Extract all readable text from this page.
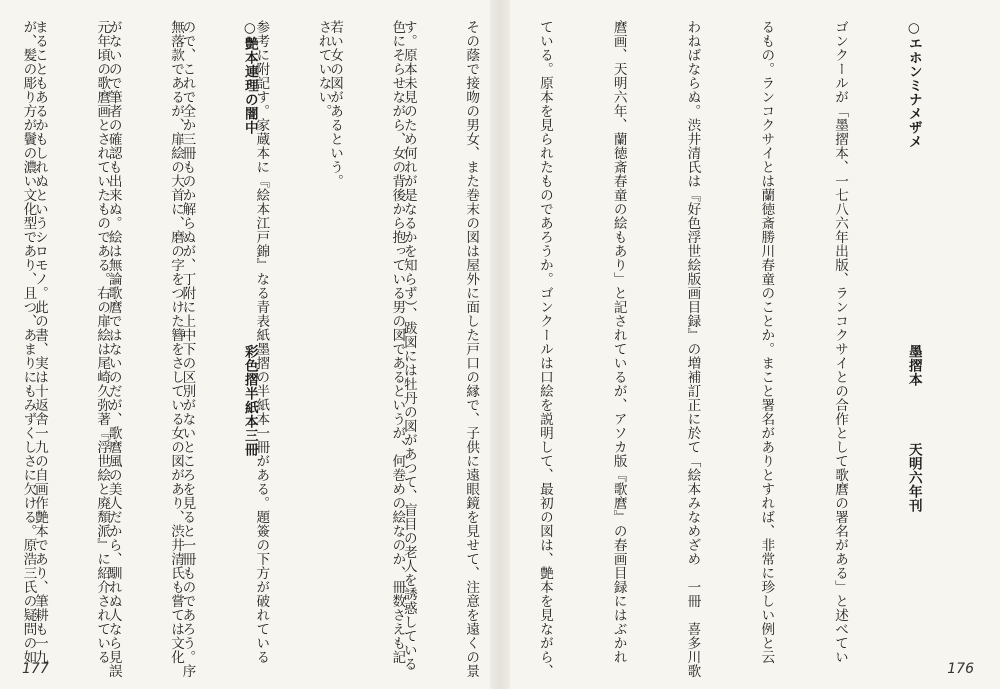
す。原本未見のため何れが是なるかを知らず）、跋図には牡丹の図があつて、盲目の老人を誘惑している

若い女の図があるという。

参考に附記す。家蔵本に『絵本江戸錦』なる青表紙墨摺の半紙本一冊がある。題簽の下方が破れている

ので、これで全か三冊ものか解らぬが、丁附に上中下の区別がないところを見ると一冊ものであろう。序

がないので筆者の確認も出来ぬ。絵は無論歌麿ではないのだが、歌麿風の美人だから、馴れぬ人なら見誤

まることもあるかもしれぬというシロモノ。此の書、実は十返舎一九の自画作艶本であり、筆耕も一九

177

○エホンミナメザメ　　　　　　　　　　　　　　墨摺本　　　　天明六年刊

ゴンクールが「墨摺本、一七八六年出版、ランコクサイとの合作として歌麿の署名がある」と述べてい

るもの。ランコクサイとは蘭徳斎勝川春童のことか。まこと署名がありとすれば、非常に珍しい例と云

わねばならぬ。渋井清氏は『好色浮世絵版画目録』の増補訂正に於て「絵本みなめざめ　一冊　喜多川歌

麿画、天明六年、蘭徳斎春童の絵もあり」と記されているが、アソカ版『歌麿』の春画目録にはぶかれ

ている。原本を見られたものであろうか。ゴンクールは口絵を説明して、最初の図は、艶本を見ながら、

その蔭で接吻の男女、また巻末の図は屋外に面した戸口の縁で、子供に遠眼鏡を見せて、注意を遠くの景

色にそらせながら、女の背後から抱っている男の図であるというが、何巻めの絵なのか、冊数さえも記

されていない。

○艶本連理の闇中　　　　　　　　　　　　　　　彩色摺半紙本三冊

無落款であるが、扉絵の大首に、磨の字をつけた簪をさしている女の図があり、渋井清氏も嘗ては文化

元年頃の歌麿画とされていたものである。右の扉絵は尾崎久弥著『浮世絵と廃頽派』に紹介されている

が、髪の彫り方が鬢の濃い文化型であり、且つ、あまりにもみずくしさに欠ける。原浩三氏の疑問の如

176
